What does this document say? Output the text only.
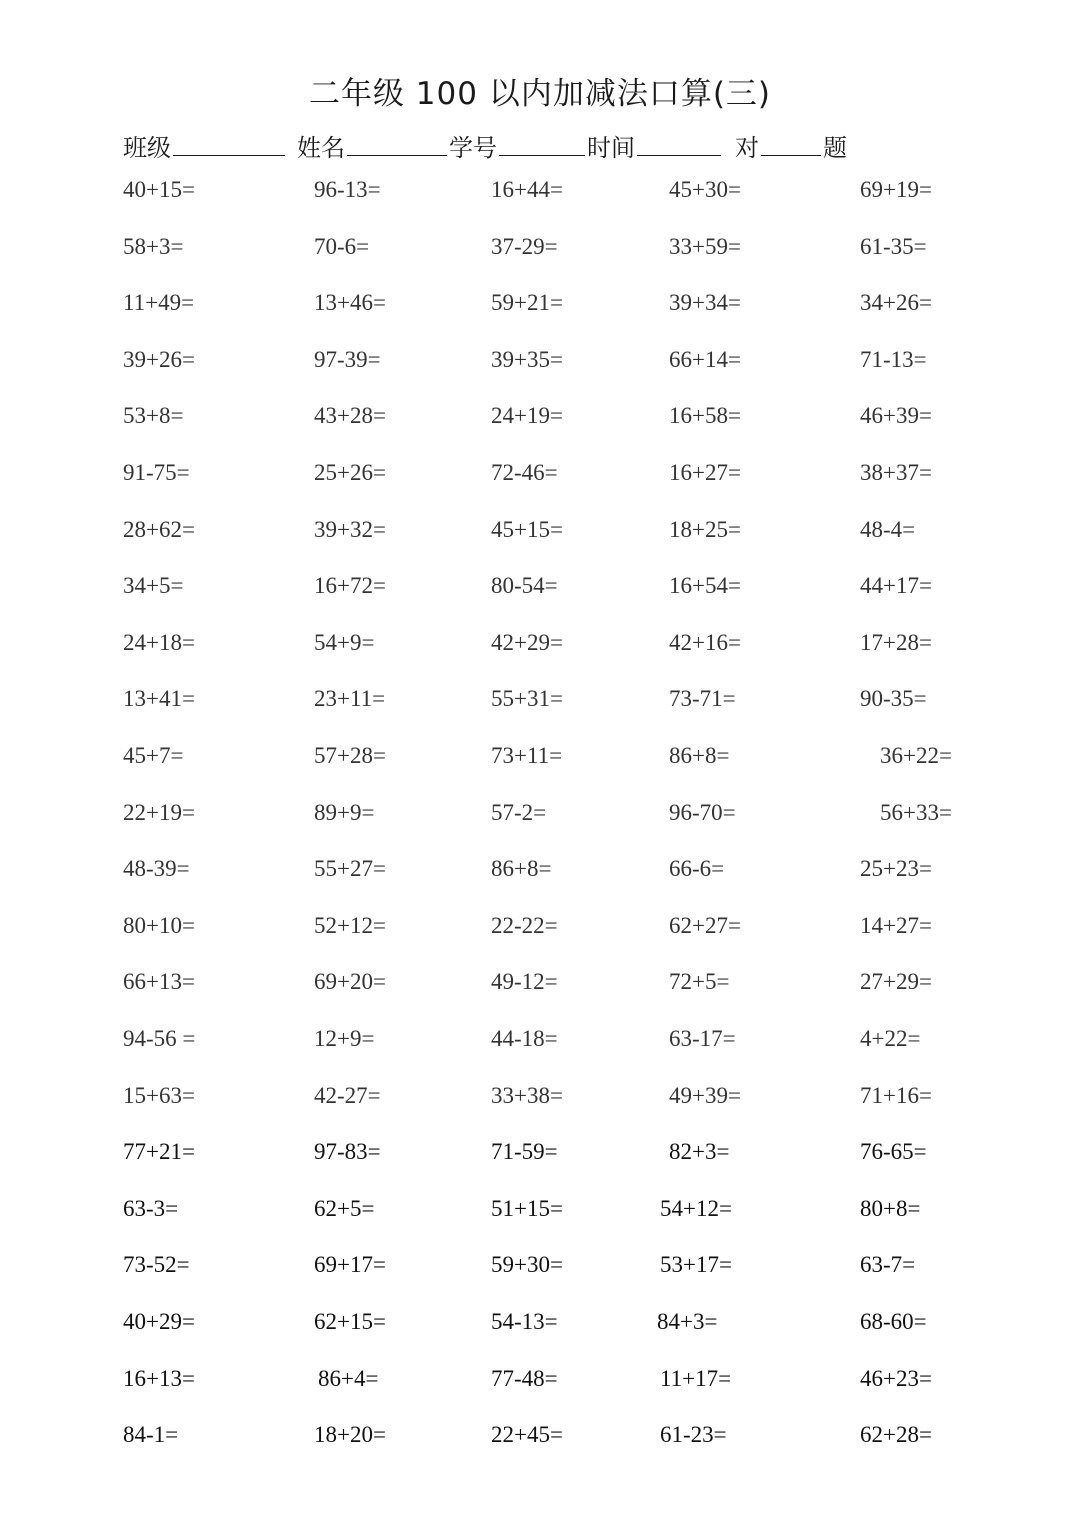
二年级 100 以内加减法口算(三)
班级	姓名	学号	时间	对	题
40+15=	96-13=	16+44=	45+30=	69+19=
58+3=	70-6=	37-29=	33+59=	61-35=
11+49=	13+46=	59+21=	39+34=	34+26=
39+26=	97-39=	39+35=	66+14=	71-13=
53+8=	43+28=	24+19=	16+58=	46+39=
91-75=	25+26=	72-46=	16+27=	38+37=
28+62=	39+32=	45+15=	18+25=	48-4=
34+5=	16+72=	80-54=	16+54=	44+17=
24+18=	54+9=	42+29=	42+16=	17+28=
13+41=	23+11=	55+31=	73-71=	90-35=
45+7=	57+28=	73+11=	86+8=	36+22=
22+19=	89+9=	57-2=	96-70=	56+33=
48-39=	55+27=	86+8=	66-6=	25+23=
80+10=	52+12=	22-22=	62+27=	14+27=
66+13=	69+20=	49-12=	72+5=	27+29=
94-56 =	12+9=	44-18=	63-17=	4+22=
15+63=	42-27=	33+38=	49+39=	71+16=
77+21=	97-83=	71-59=	82+3=	76-65=
63-3=	62+5=	51+15=	54+12=	80+8=
73-52=	69+17=	59+30=	53+17=	63-7=
40+29=	62+15=	54-13=	84+3=	68-60=
16+13=	86+4=	77-48=	11+17=	46+23=
84-1=	18+20=	22+45=	61-23=	62+28=
